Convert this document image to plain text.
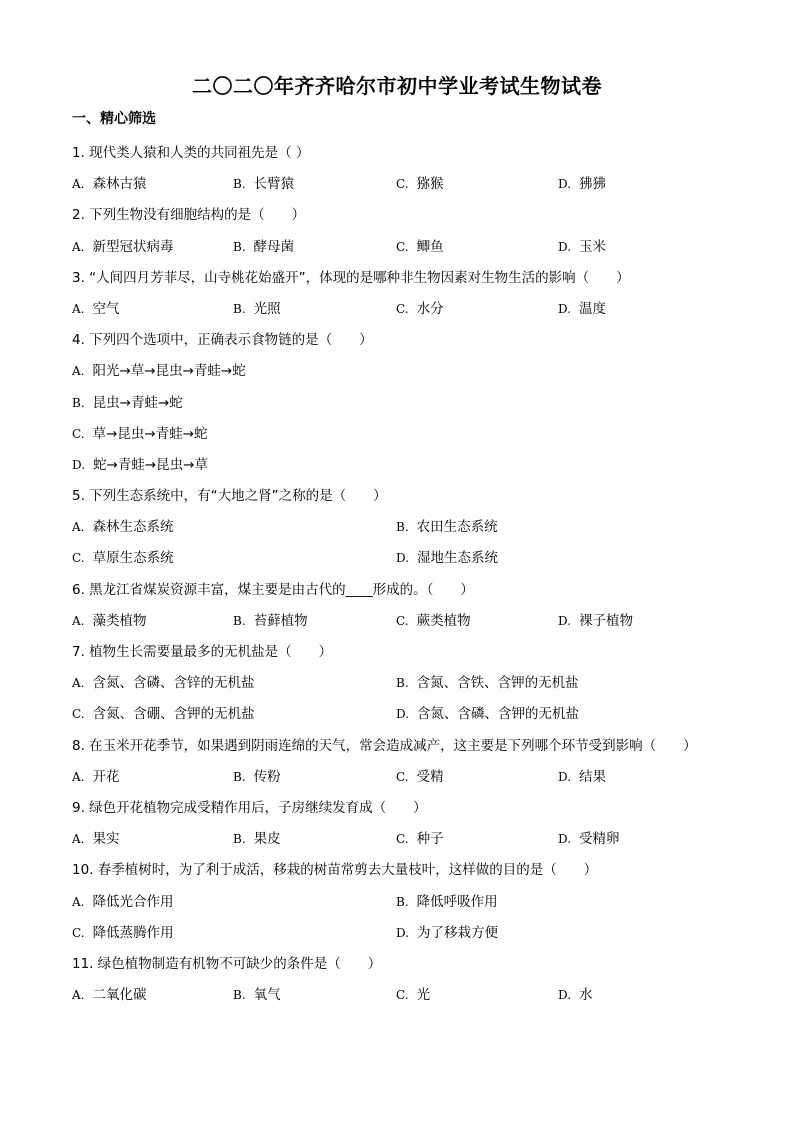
二〇二〇年齐齐哈尔市初中学业考试生物试卷
一、精心筛选
1. 现代类人猿和人类的共同祖先是（ ）
A. 森林古猿	B. 长臂猿	C. 猕猴	D. 狒狒
2. 下列生物没有细胞结构的是（　　）
A. 新型冠状病毒	B. 酵母菌	C. 鲫鱼	D. 玉米
3. “人间四月芳菲尽，山寺桃花始盛开”，体现的是哪种非生物因素对生物生活的影响（　　）
A. 空气	B. 光照	C. 水分	D. 温度
4. 下列四个选项中，正确表示食物链的是（　　）
A. 阳光→草→昆虫→青蛙→蛇
B. 昆虫→青蛙→蛇
C. 草→昆虫→青蛙→蛇
D. 蛇→青蛙→昆虫→草
5. 下列生态系统中，有“大地之肾”之称的是（　　）
A. 森林生态系统	B. 农田生态系统
C. 草原生态系统	D. 湿地生态系统
6. 黑龙江省煤炭资源丰富，煤主要是由古代的____形成的。（　　）
A. 藻类植物	B. 苔藓植物	C. 蕨类植物	D. 裸子植物
7. 植物生长需要量最多的无机盐是（　　）
A. 含氮、含磷、含锌的无机盐	B. 含氮、含铁、含钾的无机盐
C. 含氮、含硼、含钾的无机盐	D. 含氮、含磷、含钾的无机盐
8. 在玉米开花季节，如果遇到阴雨连绵的天气，常会造成减产，这主要是下列哪个环节受到影响（　　）
A. 开花	B. 传粉	C. 受精	D. 结果
9. 绿色开花植物完成受精作用后，子房继续发育成（　　）
A. 果实	B. 果皮	C. 种子	D. 受精卵
10. 春季植树时，为了利于成活，移栽的树苗常剪去大量枝叶，这样做的目的是（　　）
A. 降低光合作用	B. 降低呼吸作用
C. 降低蒸腾作用	D. 为了移栽方便
11. 绿色植物制造有机物不可缺少的条件是（　　）
A. 二氧化碳	B. 氧气	C. 光	D. 水
